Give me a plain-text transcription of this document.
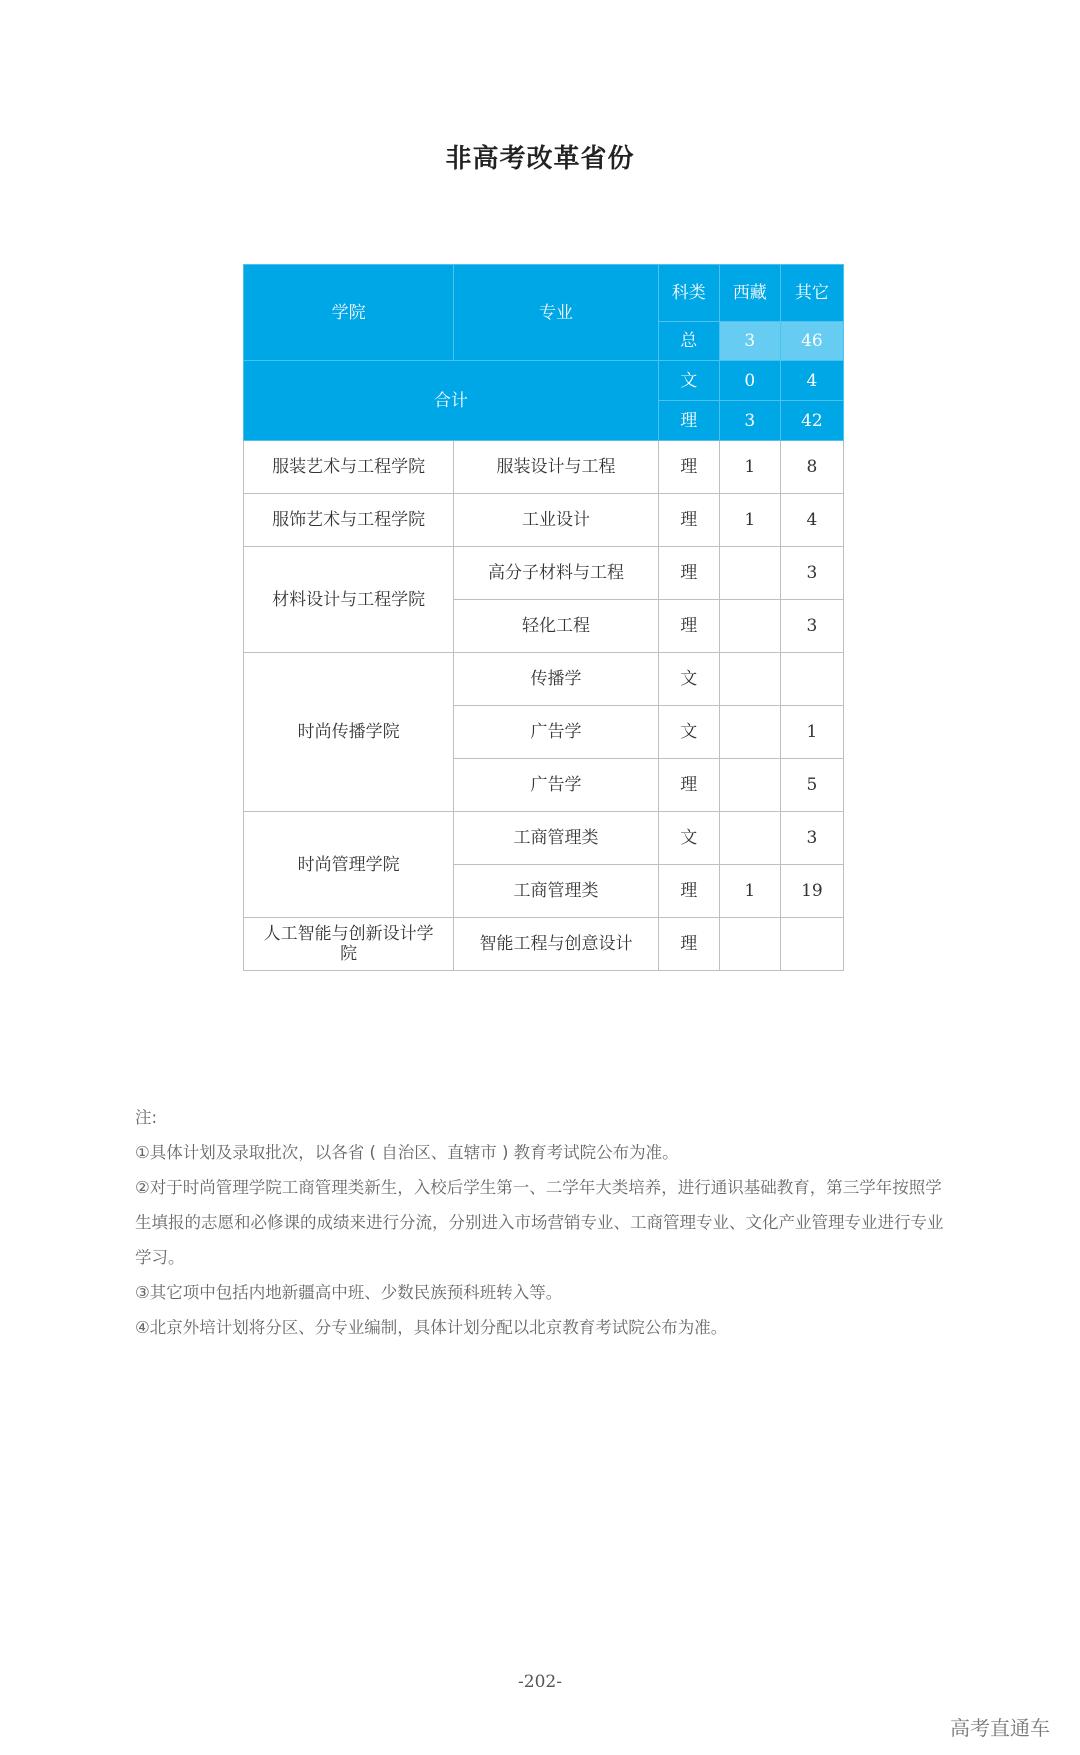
非高考改革省份
学院	专业	科类	西藏	其它
		总	3	46
合计		文	0	4
		理	3	42
服装艺术与工程学院	服装设计与工程	理	1	8
服饰艺术与工程学院	工业设计	理	1	4
材料设计与工程学院	高分子材料与工程	理		3
	轻化工程	理		3
时尚传播学院	传播学	文		
	广告学	文		1
	广告学	理		5
时尚管理学院	工商管理类	文		3
	工商管理类	理	1	19
人工智能与创新设计学院	智能工程与创意设计	理		

注:

①具体计划及录取批次，以各省 ( 自治区、直辖市 ) 教育考试院公布为准。

②对于时尚管理学院工商管理类新生，入校后学生第一、二学年大类培养，进行通识基础教育，第三学年按照学生填报的志愿和必修课的成绩来进行分流，分别进入市场营销专业、工商管理专业、文化产业管理专业进行专业学习。

③其它项中包括内地新疆高中班、少数民族预科班转入等。

④北京外培计划将分区、分专业编制，具体计划分配以北京教育考试院公布为准。

-202-
高考直通车
